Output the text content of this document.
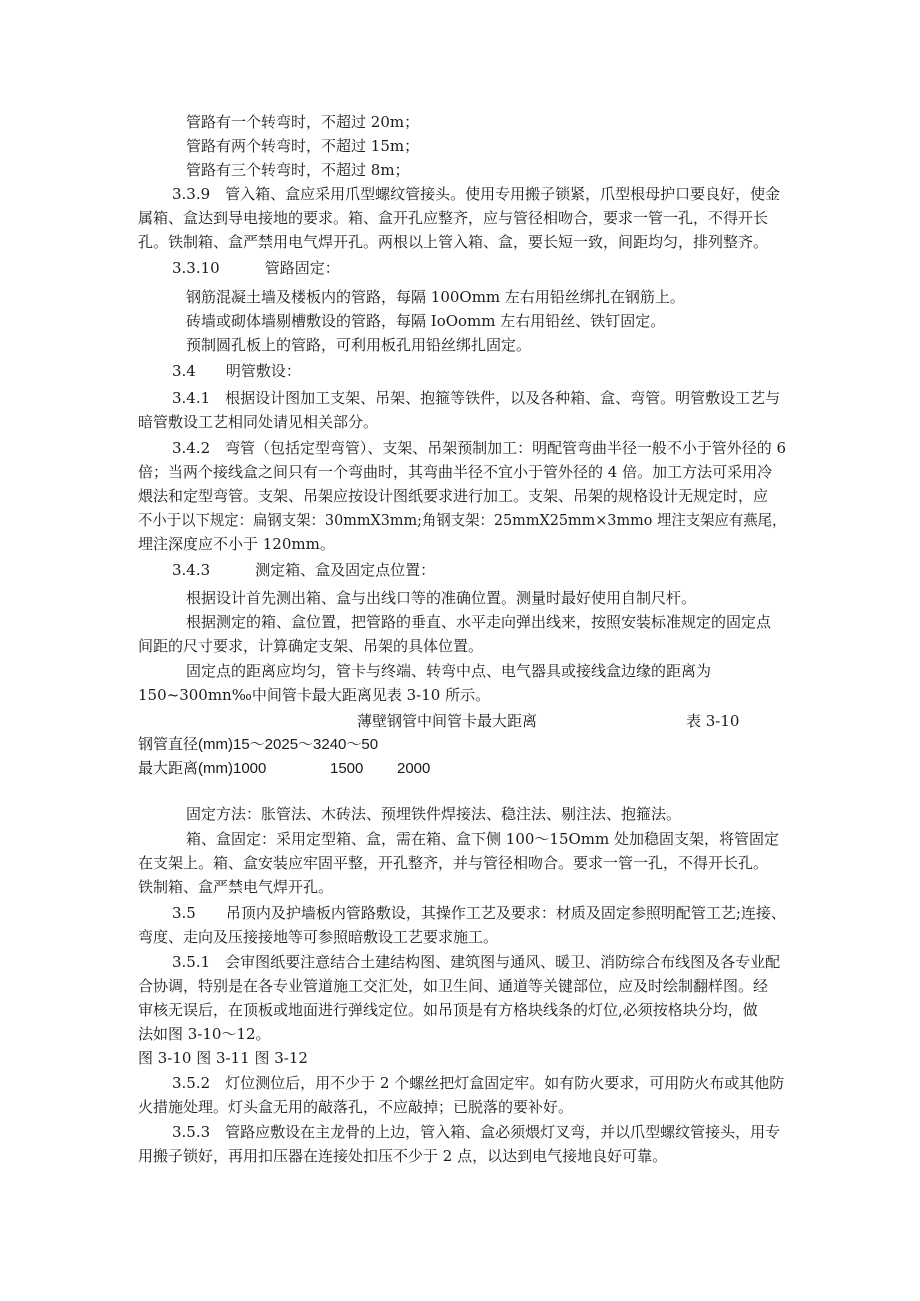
管路有一个转弯时，不超过 20m；
管路有两个转弯时，不超过 15m；
管路有三个转弯时，不超过 8m；
3.3.9　管入箱、盒应采用爪型螺纹管接头。使用专用搬子锁紧，爪型根母护口要良好，使金
属箱、盒达到导电接地的要求。箱、盒开孔应整齐，应与管径相吻合，要求一管一孔，不得开长
孔。铁制箱、盒严禁用电气焊开孔。两根以上管入箱、盒，要长短一致，间距均匀，排列整齐。
3.3.10　　　管路固定：
钢筋混凝土墙及楼板内的管路，每隔 100Omm 左右用铅丝绑扎在钢筋上。
砖墙或砌体墙剔槽敷设的管路，每隔 IoOomm 左右用铅丝、铁钉固定。
预制圆孔板上的管路，可利用板孔用铅丝绑扎固定。
3.4　　明管敷设：
3.4.1　根据设计图加工支架、吊架、抱箍等铁件，以及各种箱、盒、弯管。明管敷设工艺与
暗管敷设工艺相同处请见相关部分。
3.4.2　弯管（包括定型弯管）、支架、吊架预制加工：明配管弯曲半径一般不小于管外径的 6
倍；当两个接线盒之间只有一个弯曲时，其弯曲半径不宜小于管外径的 4 倍。加工方法可采用冷
煨法和定型弯管。支架、吊架应按设计图纸要求进行加工。支架、吊架的规格设计无规定时，应
不小于以下规定：扁钢支架：30mmX3mm;角钢支架：25mmX25mm×3mmo 埋注支架应有燕尾，
埋注深度应不小于 120mm。
3.4.3　　　测定箱、盒及固定点位置：
根据设计首先测出箱、盒与出线口等的准确位置。测量时最好使用自制尺杆。
根据测定的箱、盒位置，把管路的垂直、水平走向弹出线来，按照安装标准规定的固定点
间距的尺寸要求，计算确定支架、吊架的具体位置。
固定点的距离应均匀，管卡与终端、转弯中点、电气器具或接线盒边缘的距离为
150~300mn‰中间管卡最大距离见表 3-10 所示。
薄壁钢管中间管卡最大距离	表 3-10
钢管直径(mm)15～2025～3240～50
最大距离(mm)1000	1500 2000
固定方法：胀管法、木砖法、预埋铁件焊接法、稳注法、剔注法、抱箍法。
箱、盒固定：采用定型箱、盒，需在箱、盒下侧 100～15Omm 处加稳固支架，将管固定
在支架上。箱、盒安装应牢固平整，开孔整齐，并与管径相吻合。要求一管一孔，不得开长孔。
铁制箱、盒严禁电气焊开孔。
3.5　　吊顶内及护墙板内管路敷设，其操作工艺及要求：材质及固定参照明配管工艺;连接、
弯度、走向及压接接地等可参照暗敷设工艺要求施工。
3.5.1　会审图纸要注意结合土建结构图、建筑图与通风、暖卫、消防综合布线图及各专业配
合协调，特别是在各专业管道施工交汇处，如卫生间、通道等关键部位，应及时绘制翻样图。经
审核无误后，在顶板或地面进行弹线定位。如吊顶是有方格块线条的灯位,必须按格块分均，做
法如图 3-10～12。
图 3-10 图 3-11 图 3-12
3.5.2　灯位测位后，用不少于 2 个螺丝把灯盒固定牢。如有防火要求，可用防火布或其他防
火措施处理。灯头盒无用的敲落孔，不应敲掉；已脱落的要补好。
3.5.3　管路应敷设在主龙骨的上边，管入箱、盒必须煨灯叉弯，并以爪型螺纹管接头，用专
用搬子锁好，再用扣压器在连接处扣压不少于 2 点，以达到电气接地良好可靠。
